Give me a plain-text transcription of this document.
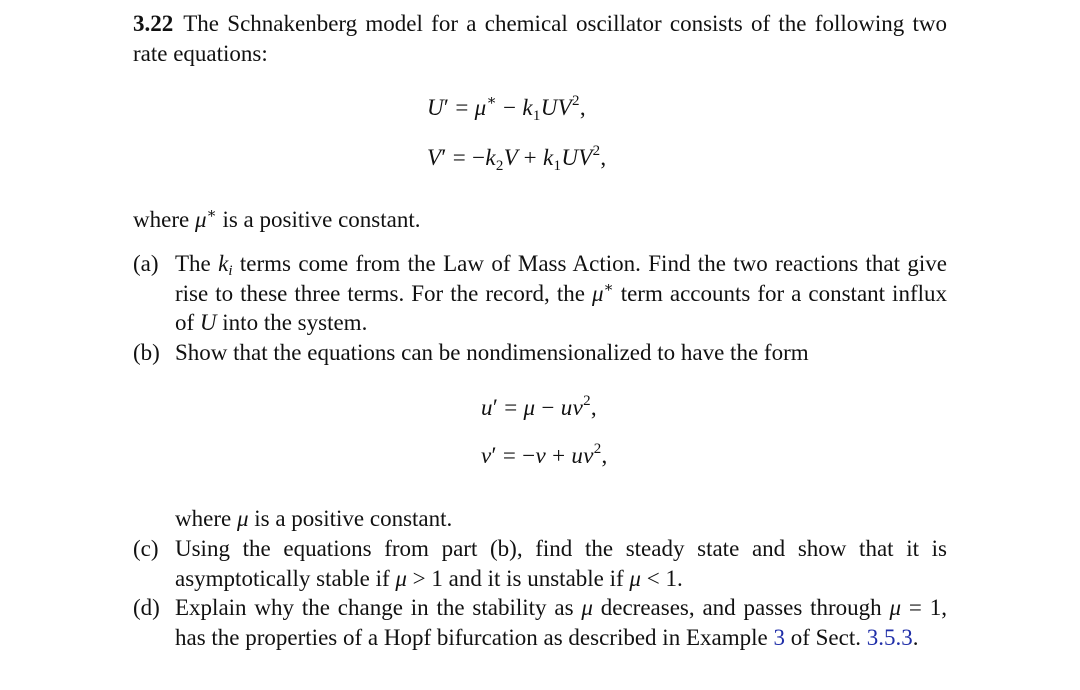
3.22 The Schnakenberg model for a chemical oscillator consists of the following two rate equations:
$U' = \mu^∗ - k_1UV^2$,
$V' = -k_2V + k_1UV^2$,
where μ∗ is a positive constant.
(a) The $k_i$ terms come from the Law of Mass Action. Find the two reactions that give rise to these three terms. For the record, the μ∗ term accounts for a constant influx of U into the system.
(b) Show that the equations can be nondimensionalized to have the form
$u' = \mu - uv^2$,
$v' = -v + uv^2$,
where μ is a positive constant.
(c) Using the equations from part (b), find the steady state and show that it is asymptotically stable if μ > 1 and it is unstable if μ < 1.
(d) Explain why the change in the stability as μ decreases, and passes through μ = 1, has the properties of a Hopf bifurcation as described in Example 3 of Sect. 3.5.3.
